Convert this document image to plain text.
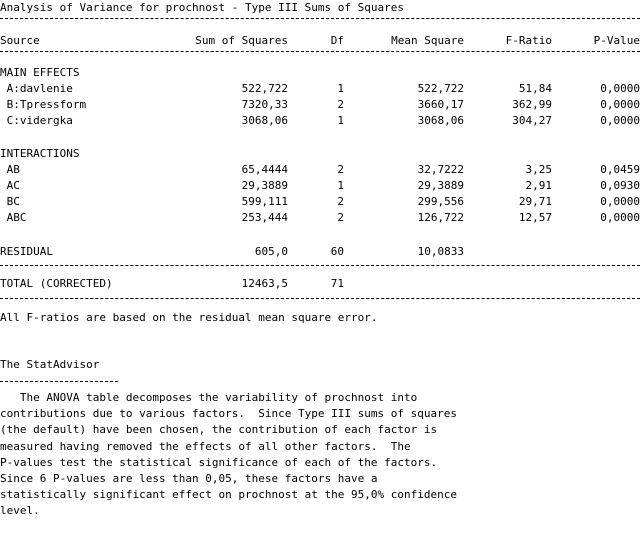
Analysis of Variance for prochnost - Type III Sums of Squares
Source	Sum of Squares	Df	Mean Square	F-Ratio	P-Value
MAIN EFFECTS
A:davlenie	522,722	1	522,722	51,84	0,0000
B:Tpressform	7320,33	2	3660,17	362,99	0,0000
C:vidergka	3068,06	1	3068,06	304,27	0,0000
INTERACTIONS
AB	65,4444	2	32,7222	3,25	0,0459
AC	29,3889	1	29,3889	2,91	0,0930
BC	599,111	2	299,556	29,71	0,0000
ABC	253,444	2	126,722	12,57	0,0000
RESIDUAL	605,0	60	10,0833
TOTAL (CORRECTED)	12463,5	71
All F-ratios are based on the residual mean square error.
The StatAdvisor
The ANOVA table decomposes the variability of prochnost into
contributions due to various factors.  Since Type III sums of squares
(the default) have been chosen, the contribution of each factor is
measured having removed the effects of all other factors.  The
P-values test the statistical significance of each of the factors.
Since 6 P-values are less than 0,05, these factors have a
statistically significant effect on prochnost at the 95,0% confidence
level.
